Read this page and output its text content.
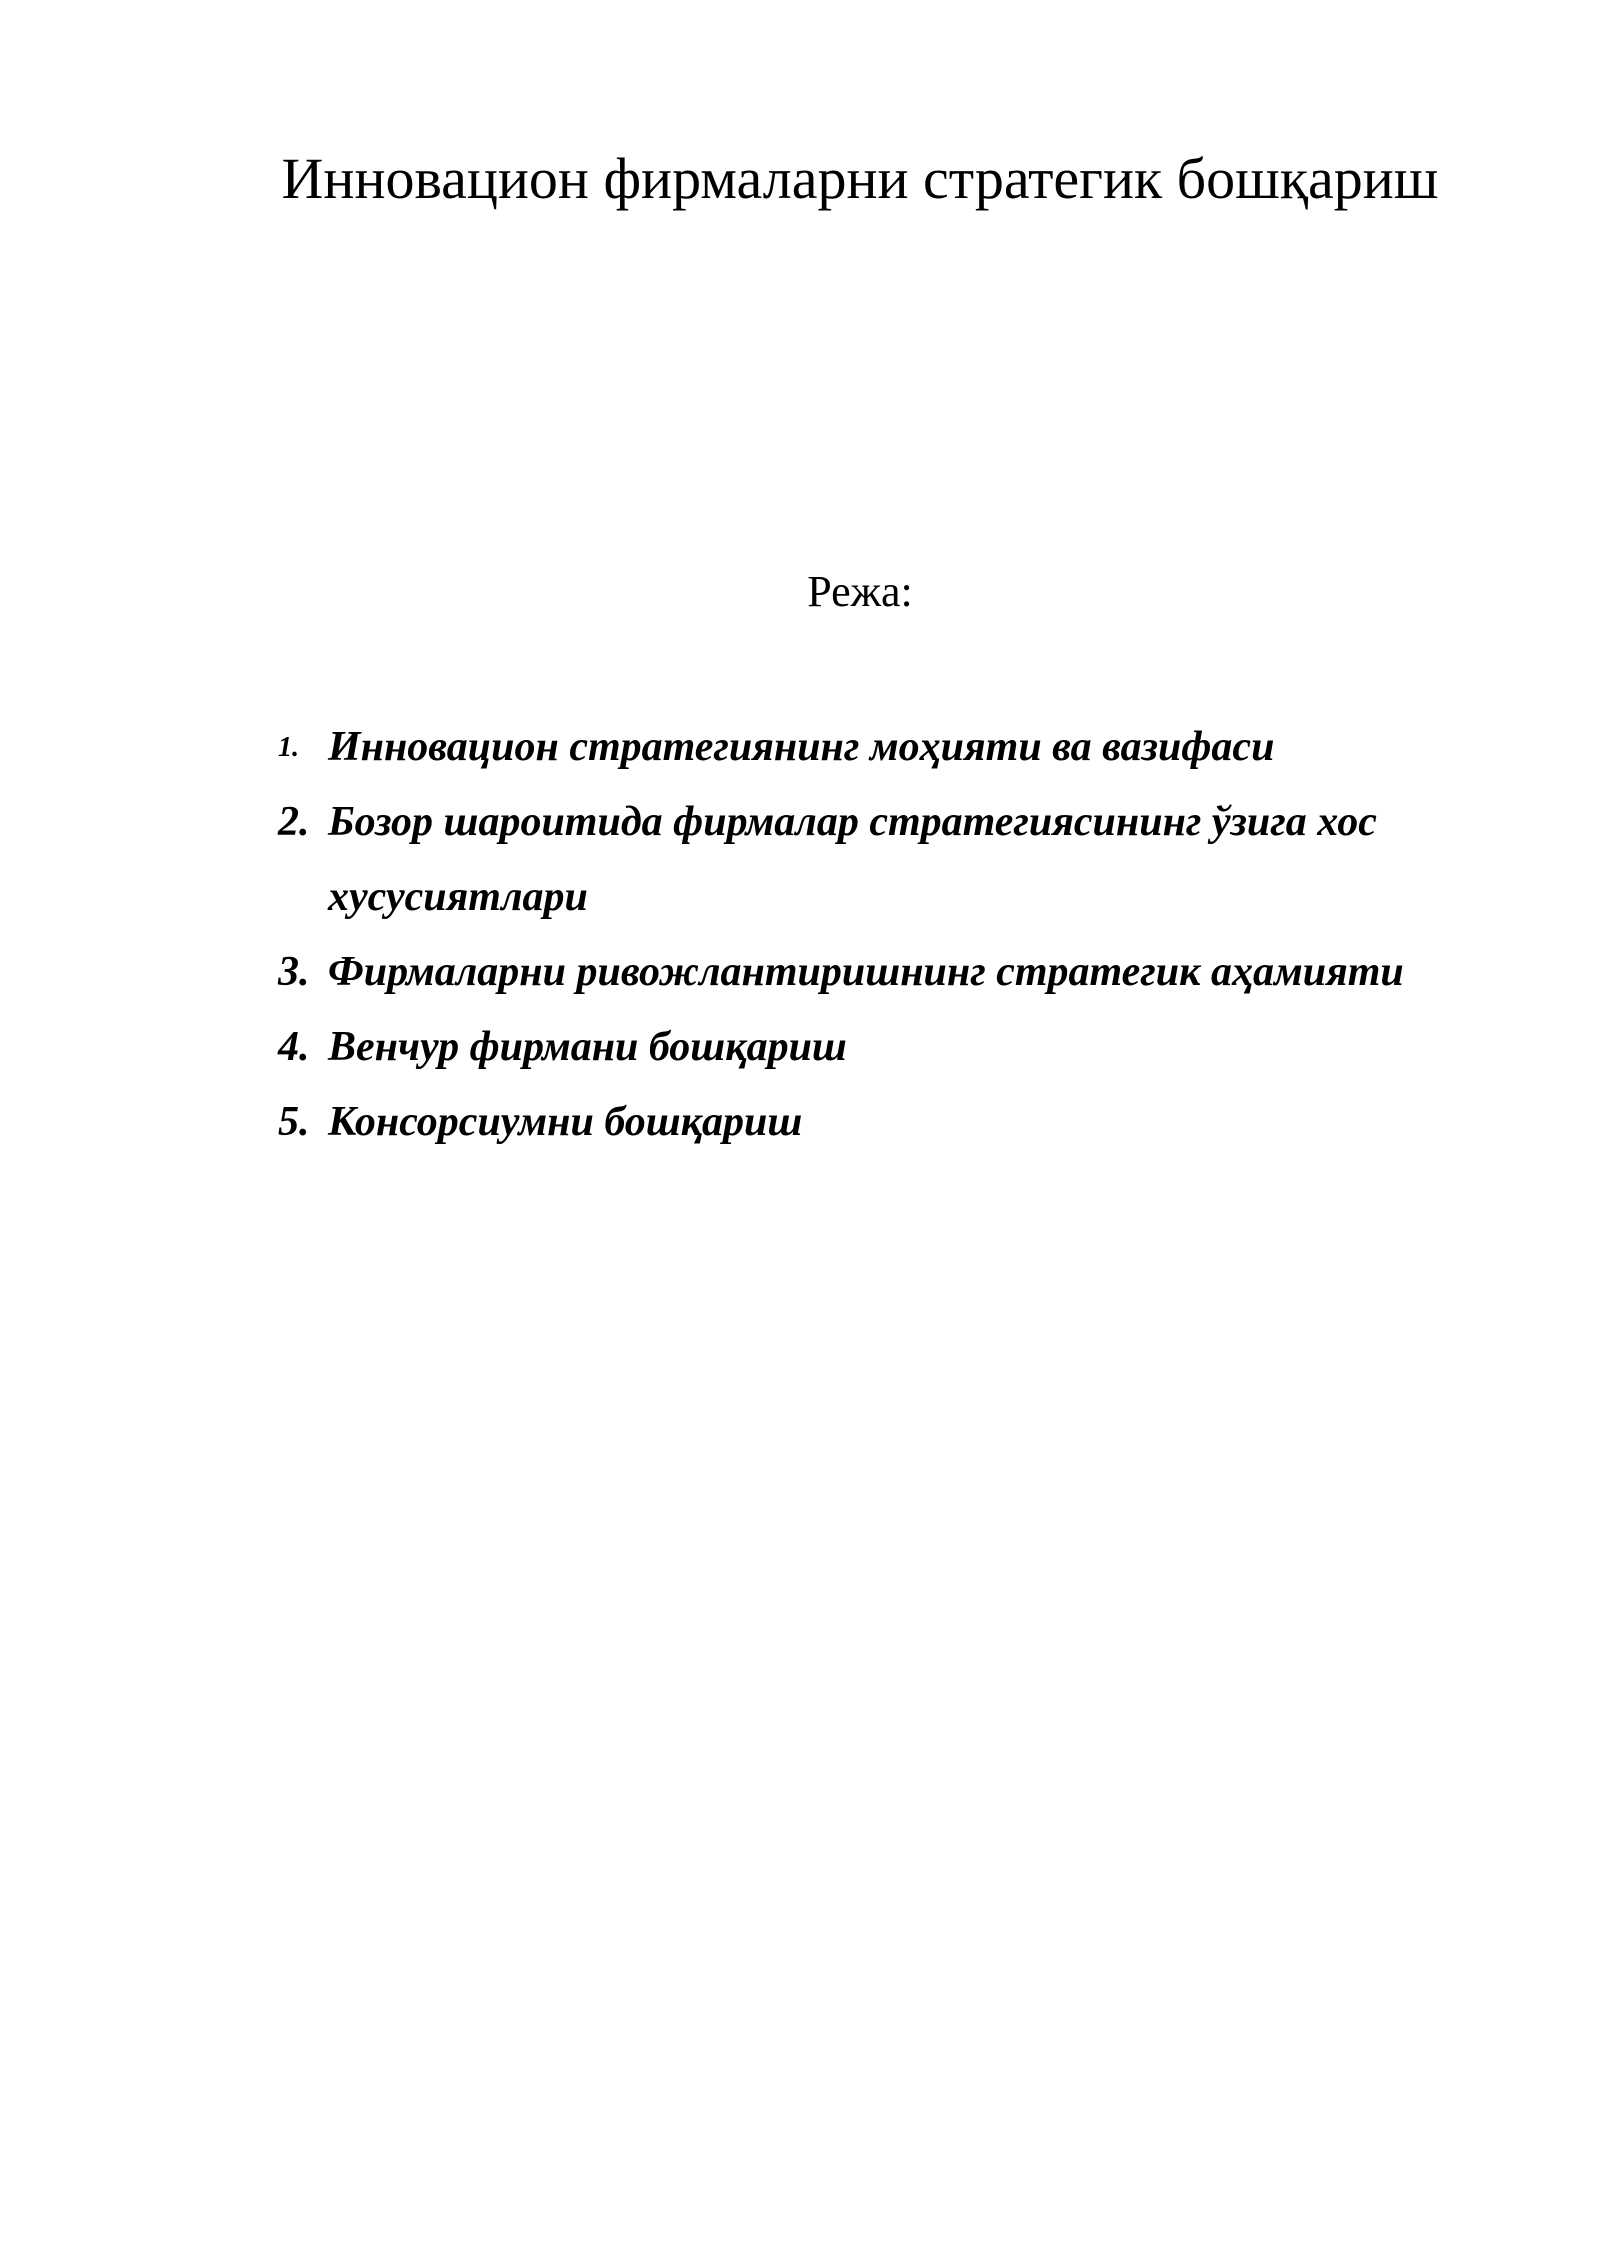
Инновацион фирмаларни стратегик бошқариш
Режа:
1. Инновацион стратегиянинг моҳияти ва вазифаси
2. Бозор шароитида фирмалар стратегиясининг ўзига хос хусусиятлари
3. Фирмаларни ривожлантиришнинг стратегик аҳамияти
4. Венчур фирмани бошқариш
5. Консорсиумни бошқариш
